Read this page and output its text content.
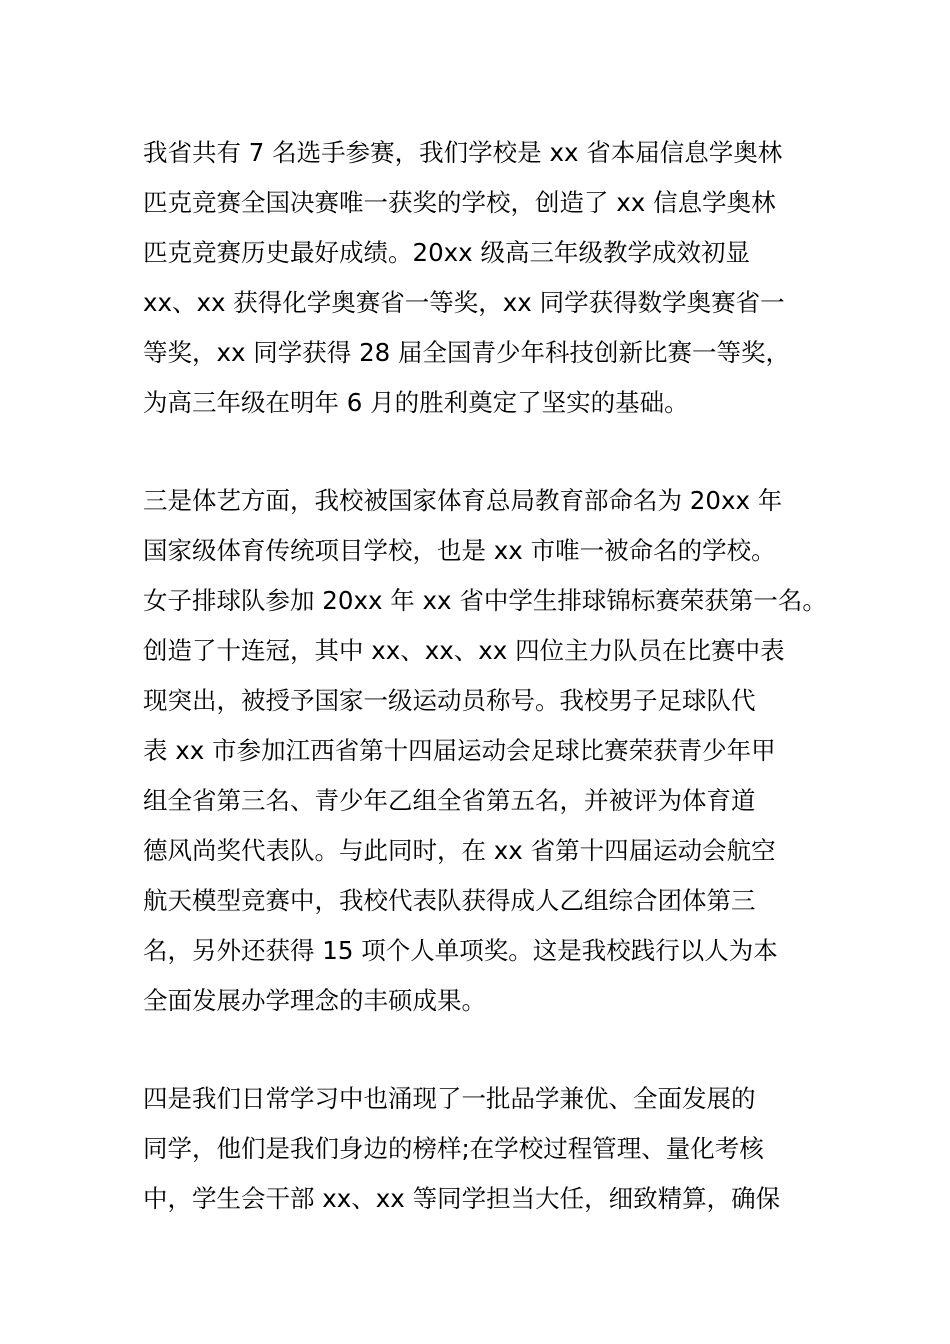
我省共有 7 名选手参赛，我们学校是 xx 省本届信息学奥林
匹克竞赛全国决赛唯一获奖的学校，创造了 xx 信息学奥林
匹克竞赛历史最好成绩。20xx 级高三年级教学成效初显
xx、xx 获得化学奥赛省一等奖，xx 同学获得数学奥赛省一
等奖，xx 同学获得 28 届全国青少年科技创新比赛一等奖，
为高三年级在明年 6 月的胜利奠定了坚实的基础。
三是体艺方面，我校被国家体育总局教育部命名为 20xx 年
国家级体育传统项目学校，也是 xx 市唯一被命名的学校。
女子排球队参加 20xx 年 xx 省中学生排球锦标赛荣获第一名。
创造了十连冠，其中 xx、xx、xx 四位主力队员在比赛中表
现突出，被授予国家一级运动员称号。我校男子足球队代
表 xx 市参加江西省第十四届运动会足球比赛荣获青少年甲
组全省第三名、青少年乙组全省第五名，并被评为体育道
德风尚奖代表队。与此同时，在 xx 省第十四届运动会航空
航天模型竞赛中，我校代表队获得成人乙组综合团体第三
名，另外还获得 15 项个人单项奖。这是我校践行以人为本
全面发展办学理念的丰硕成果。
四是我们日常学习中也涌现了一批品学兼优、全面发展的
同学，他们是我们身边的榜样;在学校过程管理、量化考核
中，学生会干部 xx、xx 等同学担当大任，细致精算，确保
